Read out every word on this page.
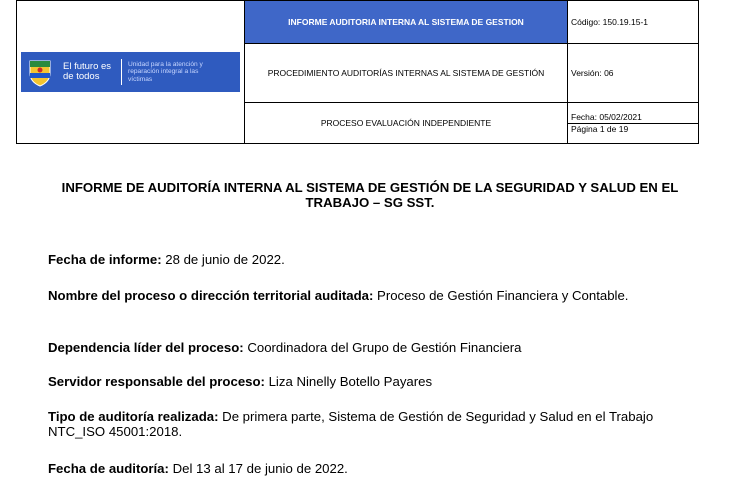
El futuro es de todos
Unidad para la atención y reparación integral a las víctimas	INFORME AUDITORIA INTERNA AL SISTEMA DE GESTION	Código: 150.19.15-1
	PROCEDIMIENTO AUDITORÍAS INTERNAS AL SISTEMA DE GESTIÓN	Versión: 06
	PROCESO EVALUACIÓN INDEPENDIENTE	Fecha: 05/02/2021
Página 1 de 19
INFORME DE AUDITORÍA INTERNA AL SISTEMA DE GESTIÓN DE LA SEGURIDAD Y SALUD EN EL TRABAJO – SG SST.
Fecha de informe: 28 de junio de 2022.
Nombre del proceso o dirección territorial auditada: Proceso de Gestión Financiera y Contable.
Dependencia líder del proceso: Coordinadora del Grupo de Gestión Financiera
Servidor responsable del proceso: Liza Ninelly Botello Payares
Tipo de auditoría realizada: De primera parte, Sistema de Gestión de Seguridad y Salud en el Trabajo NTC_ISO 45001:2018.
Fecha de auditoría: Del 13 al 17 de junio de 2022.
